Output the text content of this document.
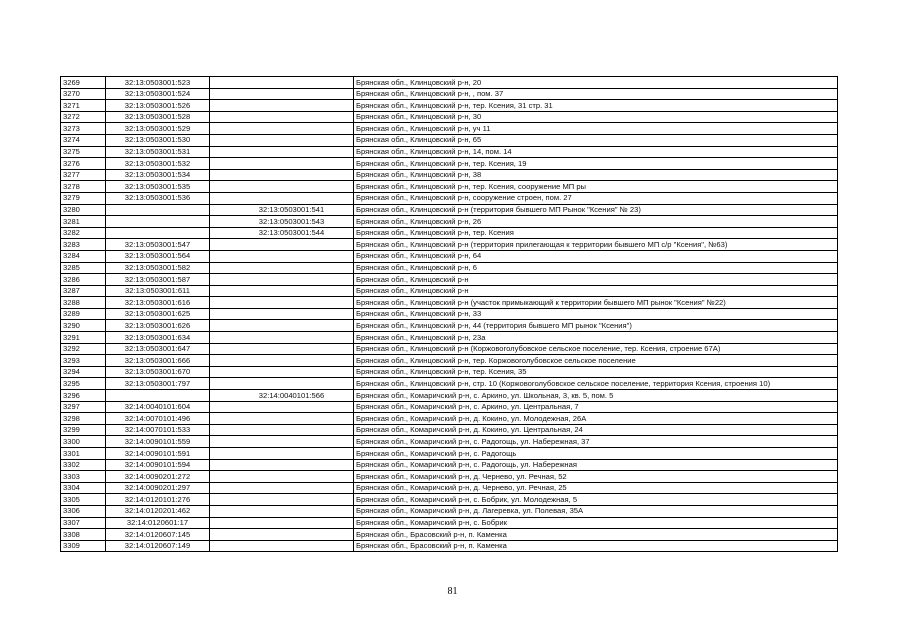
3269	32:13:0503001:523		Брянская обл., Клинцовский р-н, 20
3270	32:13:0503001:524		Брянская обл., Клинцовский р-н, , пом. 37
3271	32:13:0503001:526		Брянская обл., Клинцовский р-н, тер. Ксения, 31 стр. 31
3272	32:13:0503001:528		Брянская обл., Клинцовский р-н, 30
3273	32:13:0503001:529		Брянская обл., Клинцовский р-н, уч 11
3274	32:13:0503001:530		Брянская обл., Клинцовский р-н, 65
3275	32:13:0503001:531		Брянская обл., Клинцовский р-н, 14, пом. 14
3276	32:13:0503001:532		Брянская обл., Клинцовский р-н, тер. Ксения, 19
3277	32:13:0503001:534		Брянская обл., Клинцовский р-н, 38
3278	32:13:0503001:535		Брянская обл., Клинцовский р-н, тер. Ксения, сооружение МП ры
3279	32:13:0503001:536		Брянская обл., Клинцовский р-н, сооружение строен, пом. 27
3280		32:13:0503001:541	Брянская обл., Клинцовский р-н (территория бывшего МП Рынок "Ксения" № 23)
3281		32:13:0503001:543	Брянская обл., Клинцовский р-н, 26
3282		32:13:0503001:544	Брянская обл., Клинцовский р-н, тер. Ксения
3283	32:13:0503001:547		Брянская обл., Клинцовский р-н (территория прилегающая к территории бывшего МП с/р "Ксения", №63)
3284	32:13:0503001:564		Брянская обл., Клинцовский р-н, 64
3285	32:13:0503001:582		Брянская обл., Клинцовский р-н, 6
3286	32:13:0503001:587		Брянская обл., Клинцовский р-н
3287	32:13:0503001:611		Брянская обл., Клинцовский р-н
3288	32:13:0503001:616		Брянская обл., Клинцовский р-н (участок примыкающий к территории бывшего МП рынок "Ксения" №22)
3289	32:13:0503001:625		Брянская обл., Клинцовский р-н, 33
3290	32:13:0503001:626		Брянская обл., Клинцовский р-н, 44 (территория бывшего МП рынок "Ксения")
3291	32:13:0503001:634		Брянская обл., Клинцовский р-н, 23а
3292	32:13:0503001:647		Брянская обл., Клинцовский р-н (Коржовоголубовское сельское поселение, тер. Ксения, строение 67А)
3293	32:13:0503001:666		Брянская обл., Клинцовский р-н, тер. Коржовоголубовское сельское поселение
3294	32:13:0503001:670		Брянская обл., Клинцовский р-н, тер. Ксения, 35
3295	32:13:0503001:797		Брянская обл., Клинцовский р-н, стр. 10 (Коржовоголубовское сельское поселение, территория Ксения, строения 10)
3296		32:14:0040101:566	Брянская обл., Комаричский р-н, с. Аркино, ул. Школьная, 3, кв. 5, пом. 5
3297	32:14:0040101:604		Брянская обл., Комаричский р-н, с. Аркино, ул. Центральная, 7
3298	32:14:0070101:496		Брянская обл., Комаричский р-н, д. Кокино, ул. Молодежная, 26А
3299	32:14:0070101:533		Брянская обл., Комаричский р-н, д. Кокино, ул. Центральная, 24
3300	32:14:0090101:559		Брянская обл., Комаричский р-н, с. Радогощь, ул. Набережная, 37
3301	32:14:0090101:591		Брянская обл., Комаричский р-н, с. Радогощь
3302	32:14:0090101:594		Брянская обл., Комаричский р-н, с. Радогощь, ул. Набережная
3303	32:14:0090201:272		Брянская обл., Комаричский р-н, д. Чернево, ул. Речная, 52
3304	32:14:0090201:297		Брянская обл., Комаричский р-н, д. Чернево, ул. Речная, 25
3305	32:14:0120101:276		Брянская обл., Комаричский р-н, с. Бобрик, ул. Молодежная, 5
3306	32:14:0120201:462		Брянская обл., Комаричский р-н, д. Лагеревка, ул. Полевая, 35А
3307	32:14:0120601:17		Брянская обл., Комаричский р-н, с. Бобрик
3308	32:14:0120607:145		Брянская обл., Брасовский р-н, п. Каменка
3309	32:14:0120607:149		Брянская обл., Брасовский р-н, п. Каменка
81
